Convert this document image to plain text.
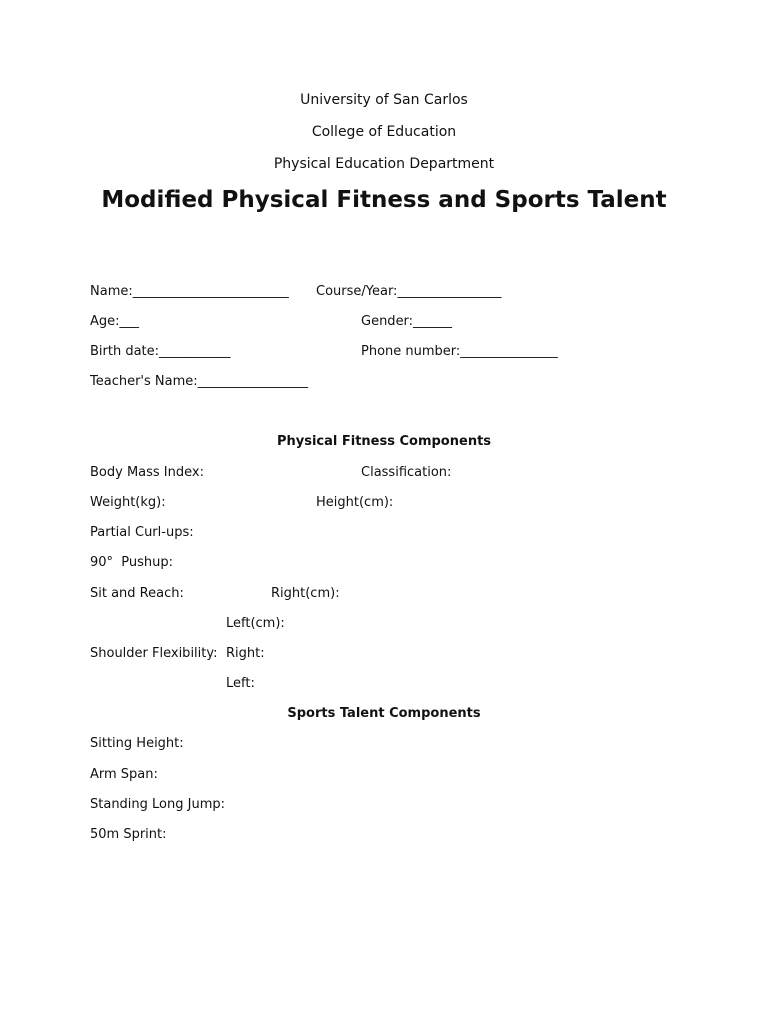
University of San Carlos
College of Education
Physical Education Department
Modified Physical Fitness and Sports Talent
Name:________________________ Course/Year:________________
Age:___	Gender:______
Birth date:___________	Phone number:_______________
Teacher's Name:_________________
Physical Fitness Components
Body Mass Index:	Classification:
Weight(kg):	Height(cm):
Partial Curl-ups:
90°  Pushup:
Sit and Reach:	Right(cm):
Left(cm):
Shoulder Flexibility: Right:
Left:
Sports Talent Components
Sitting Height:
Arm Span:
Standing Long Jump:
50m Sprint:
